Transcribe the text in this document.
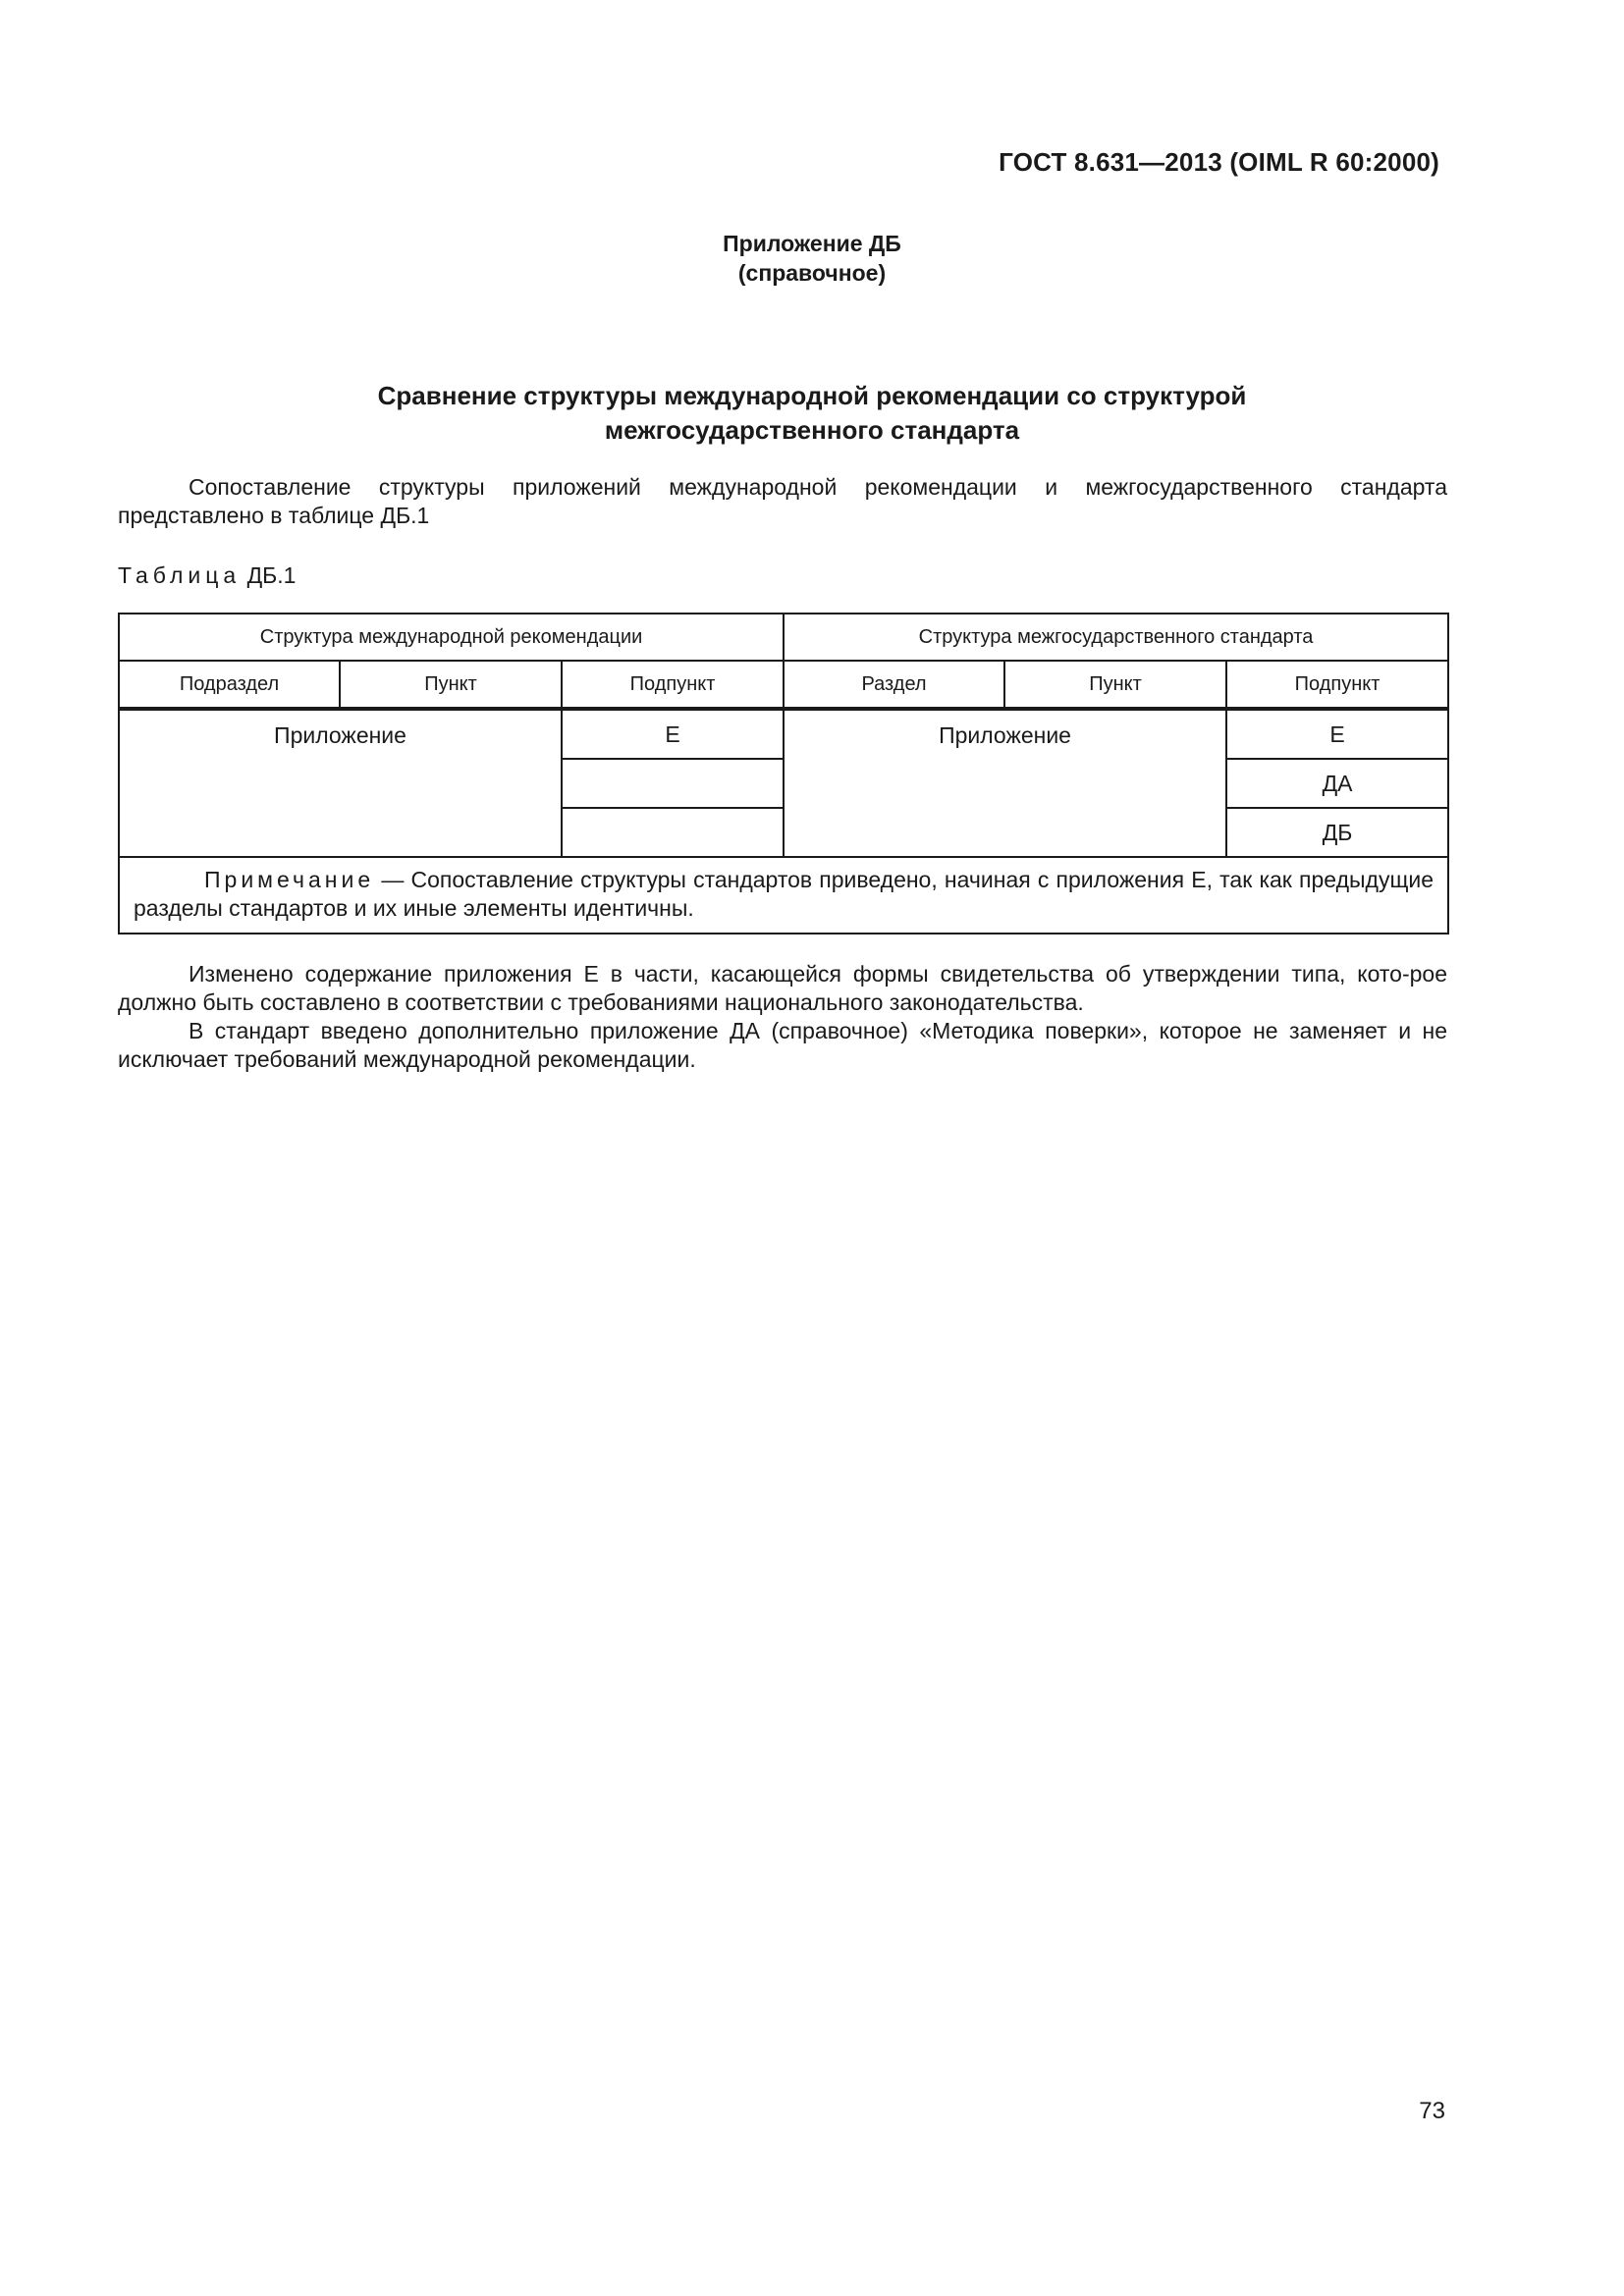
ГОСТ 8.631—2013 (OIML R 60:2000)
Приложение ДБ
(справочное)
Сравнение структуры международной рекомендации со структурой
межгосударственного стандарта

Сопоставление структуры приложений международной рекомендации и межгосударственного стандарта представлено в таблице ДБ.1

Таблица ДБ.1
Структура международной рекомендации			Структура межгосударственного стандарта		
Подраздел	Пункт	Подпункт	Раздел	Пункт	Подпункт
Приложение		Е	Приложение		Е
					ДА
					ДБ
Примечание — Сопоставление структуры стандартов приведено, начиная с приложения Е, так как предыдущие разделы стандартов и их иные элементы идентичны.					

Изменено содержание приложения Е в части, касающейся формы свидетельства об утверждении типа, кото-рое должно быть составлено в соответствии с требованиями национального законодательства.

В стандарт введено дополнительно приложение ДА (справочное) «Методика поверки», которое не заменяет и не исключает требований международной рекомендации.

73
